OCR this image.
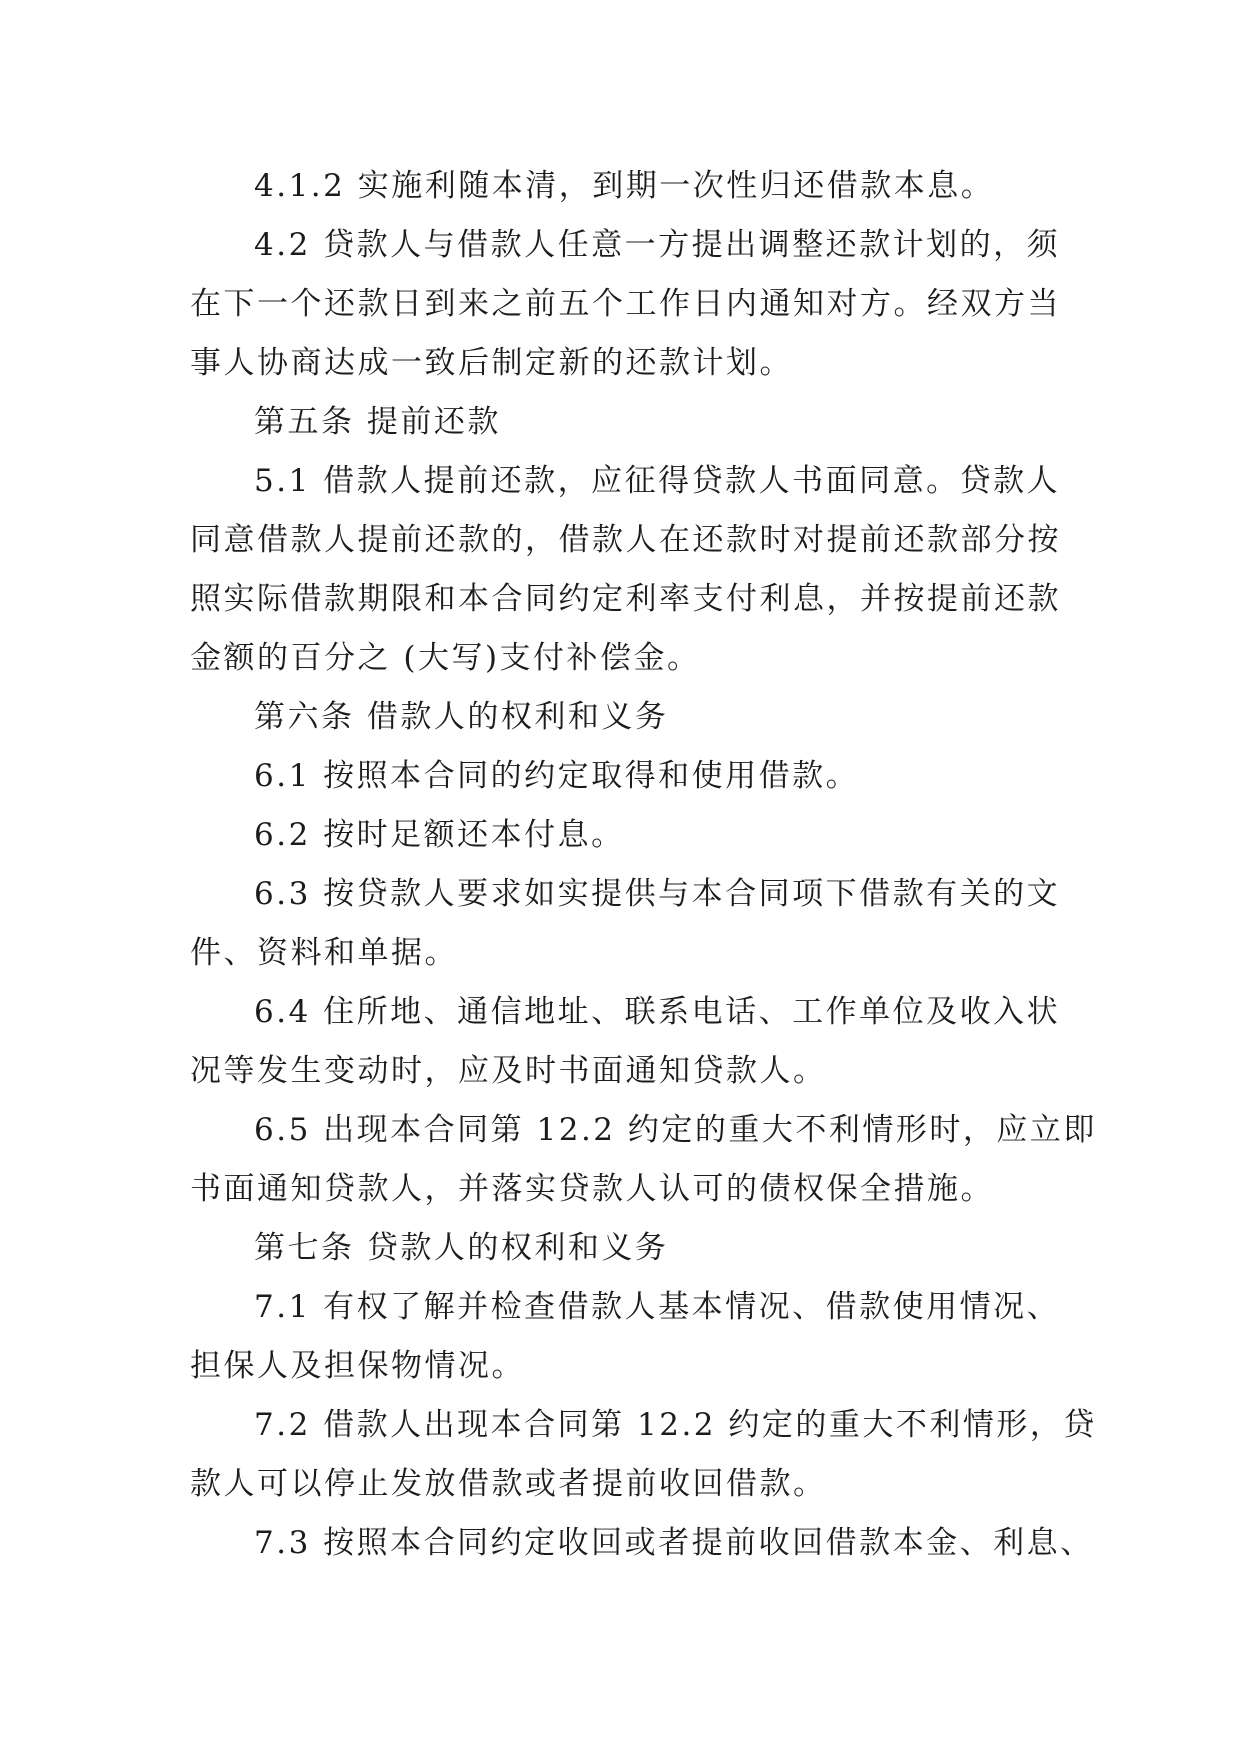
4.1.2 实施利随本清，到期一次性归还借款本息。

4.2 贷款人与借款人任意一方提出调整还款计划的，须

在下一个还款日到来之前五个工作日内通知对方。经双方当

事人协商达成一致后制定新的还款计划。

第五条 提前还款

5.1 借款人提前还款，应征得贷款人书面同意。贷款人

同意借款人提前还款的，借款人在还款时对提前还款部分按

照实际借款期限和本合同约定利率支付利息，并按提前还款

金额的百分之 (大写)支付补偿金。

第六条 借款人的权利和义务

6.1 按照本合同的约定取得和使用借款。

6.2 按时足额还本付息。

6.3 按贷款人要求如实提供与本合同项下借款有关的文

件、资料和单据。

6.4 住所地、通信地址、联系电话、工作单位及收入状

况等发生变动时，应及时书面通知贷款人。

6.5 出现本合同第 12.2 约定的重大不利情形时，应立即

书面通知贷款人，并落实贷款人认可的债权保全措施。

第七条 贷款人的权利和义务

7.1 有权了解并检查借款人基本情况、借款使用情况、

担保人及担保物情况。

7.2 借款人出现本合同第 12.2 约定的重大不利情形，贷

款人可以停止发放借款或者提前收回借款。

7.3 按照本合同约定收回或者提前收回借款本金、利息、
